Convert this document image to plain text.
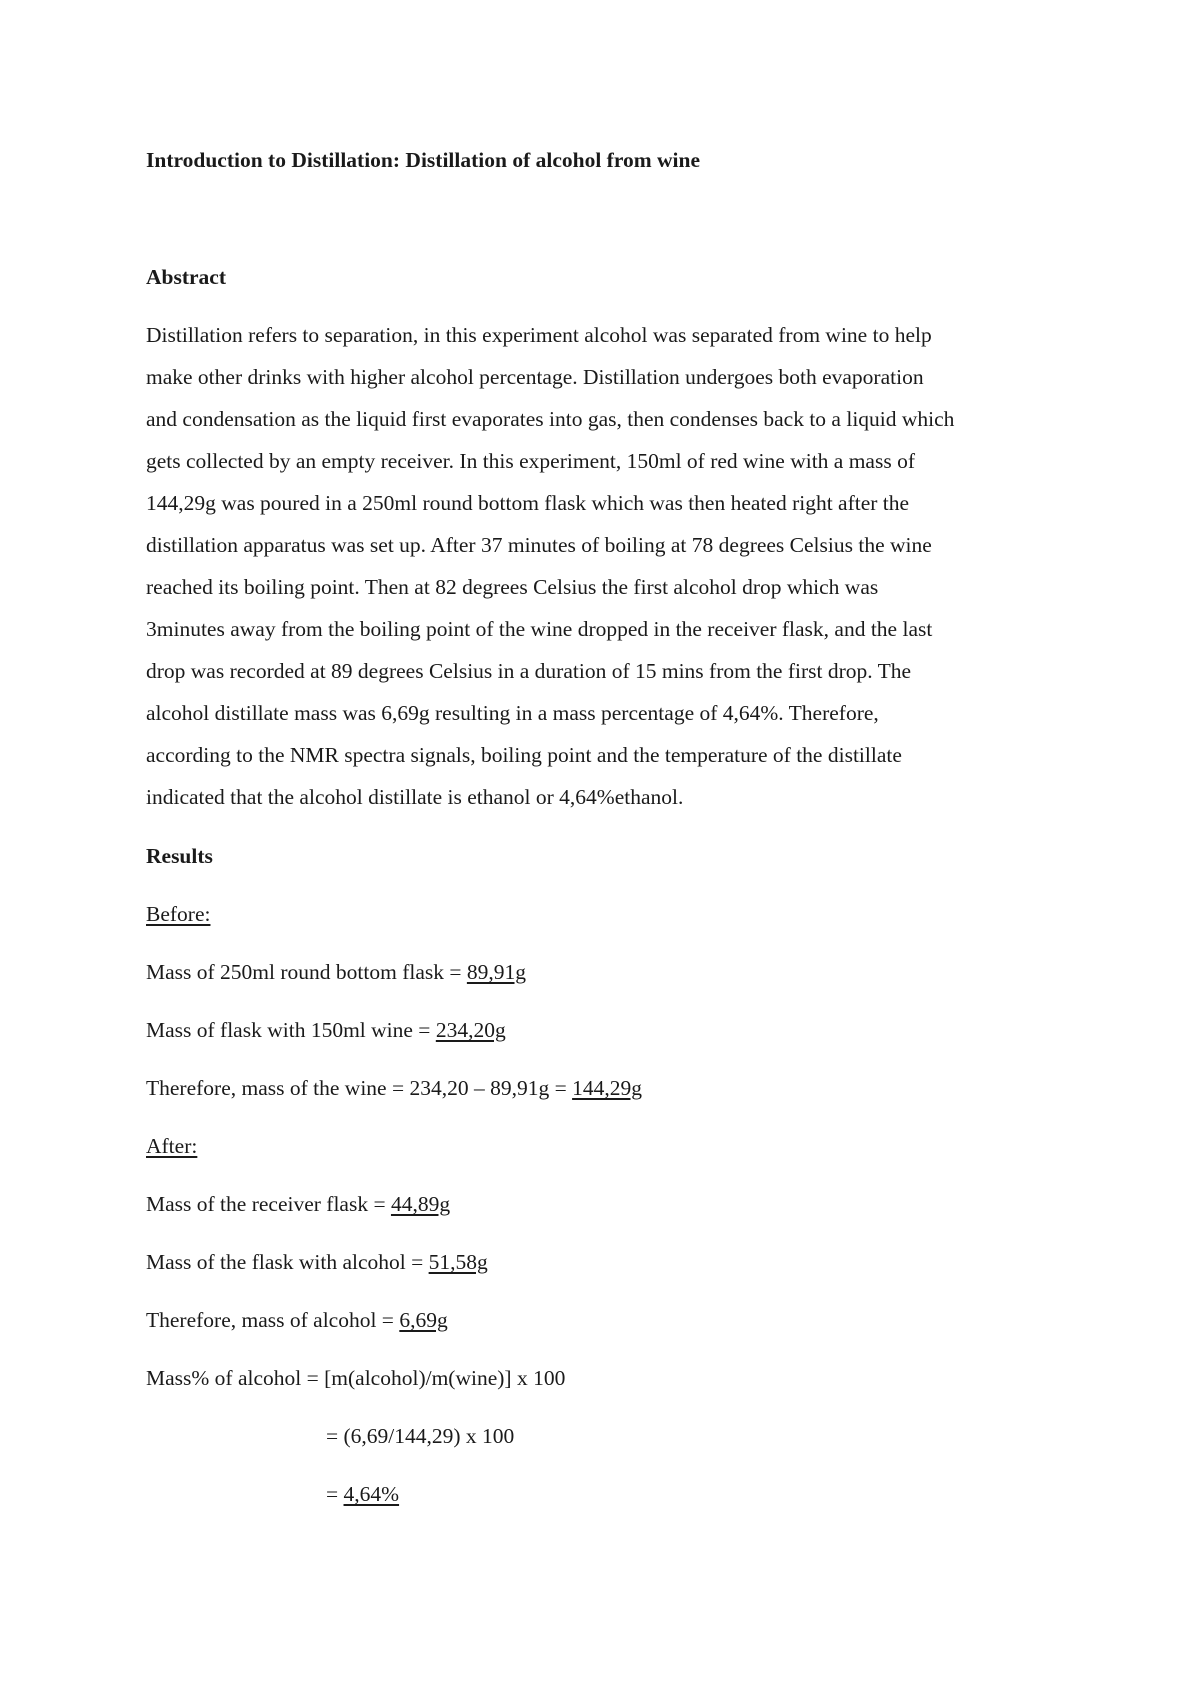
Introduction to Distillation: Distillation of alcohol from wine
Abstract
Distillation refers to separation, in this experiment alcohol was separated from wine to help
make other drinks with higher alcohol percentage. Distillation undergoes both evaporation
and condensation as the liquid first evaporates into gas, then condenses back to a liquid which
gets collected by an empty receiver. In this experiment, 150ml of red wine with a mass of
144,29g was poured in a 250ml round bottom flask which was then heated right after the
distillation apparatus was set up. After 37 minutes of boiling at 78 degrees Celsius the wine
reached its boiling point. Then at 82 degrees Celsius the first alcohol drop which was
3minutes away from the boiling point of the wine dropped in the receiver flask, and the last
drop was recorded at 89 degrees Celsius in a duration of 15 mins from the first drop. The
alcohol distillate mass was 6,69g resulting in a mass percentage of 4,64%. Therefore,
according to the NMR spectra signals, boiling point and the temperature of the distillate
indicated that the alcohol distillate is ethanol or 4,64%ethanol.
Results
Before:
Mass of 250ml round bottom flask = 89,91g
Mass of flask with 150ml wine = 234,20g
Therefore, mass of the wine = 234,20 – 89,91g = 144,29g
After:
Mass of the receiver flask = 44,89g
Mass of the flask with alcohol = 51,58g
Therefore, mass of alcohol = 6,69g
Mass% of alcohol = [m(alcohol)/m(wine)] x 100
= (6,69/144,29) x 100
= 4,64%
